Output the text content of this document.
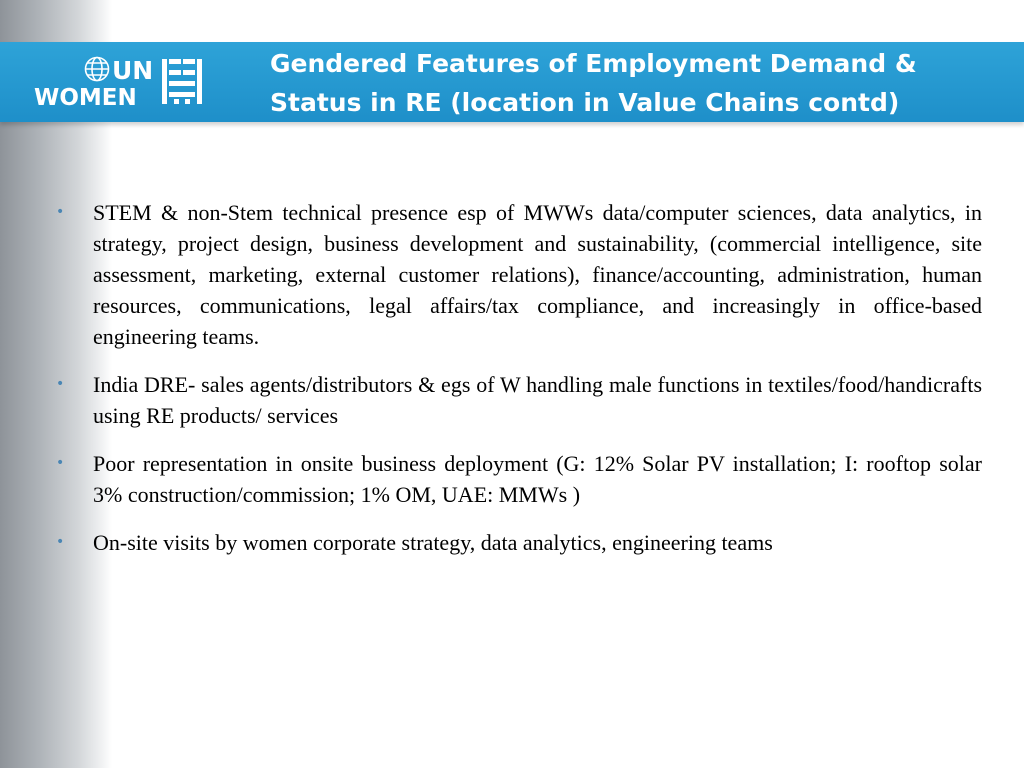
UN
WOMEN
Gendered Features of Employment Demand &
Status in RE (location in Value Chains contd)
• STEM & non-Stem technical presence esp of MWWs data/computer sciences, data analytics, in strategy, project design, business development and sustainability, (commercial intelligence, site assessment, marketing, external customer relations), finance/accounting, administration, human resources, communications, legal affairs/tax compliance, and increasingly in office-based engineering teams.
• India DRE- sales agents/distributors & egs of W handling male functions in textiles/food/handicrafts using RE products/ services
• Poor representation in onsite business deployment (G: 12% Solar PV installation; I: rooftop solar 3% construction/commission; 1% OM, UAE: MMWs )
• On-site visits by women corporate strategy, data analytics, engineering teams
